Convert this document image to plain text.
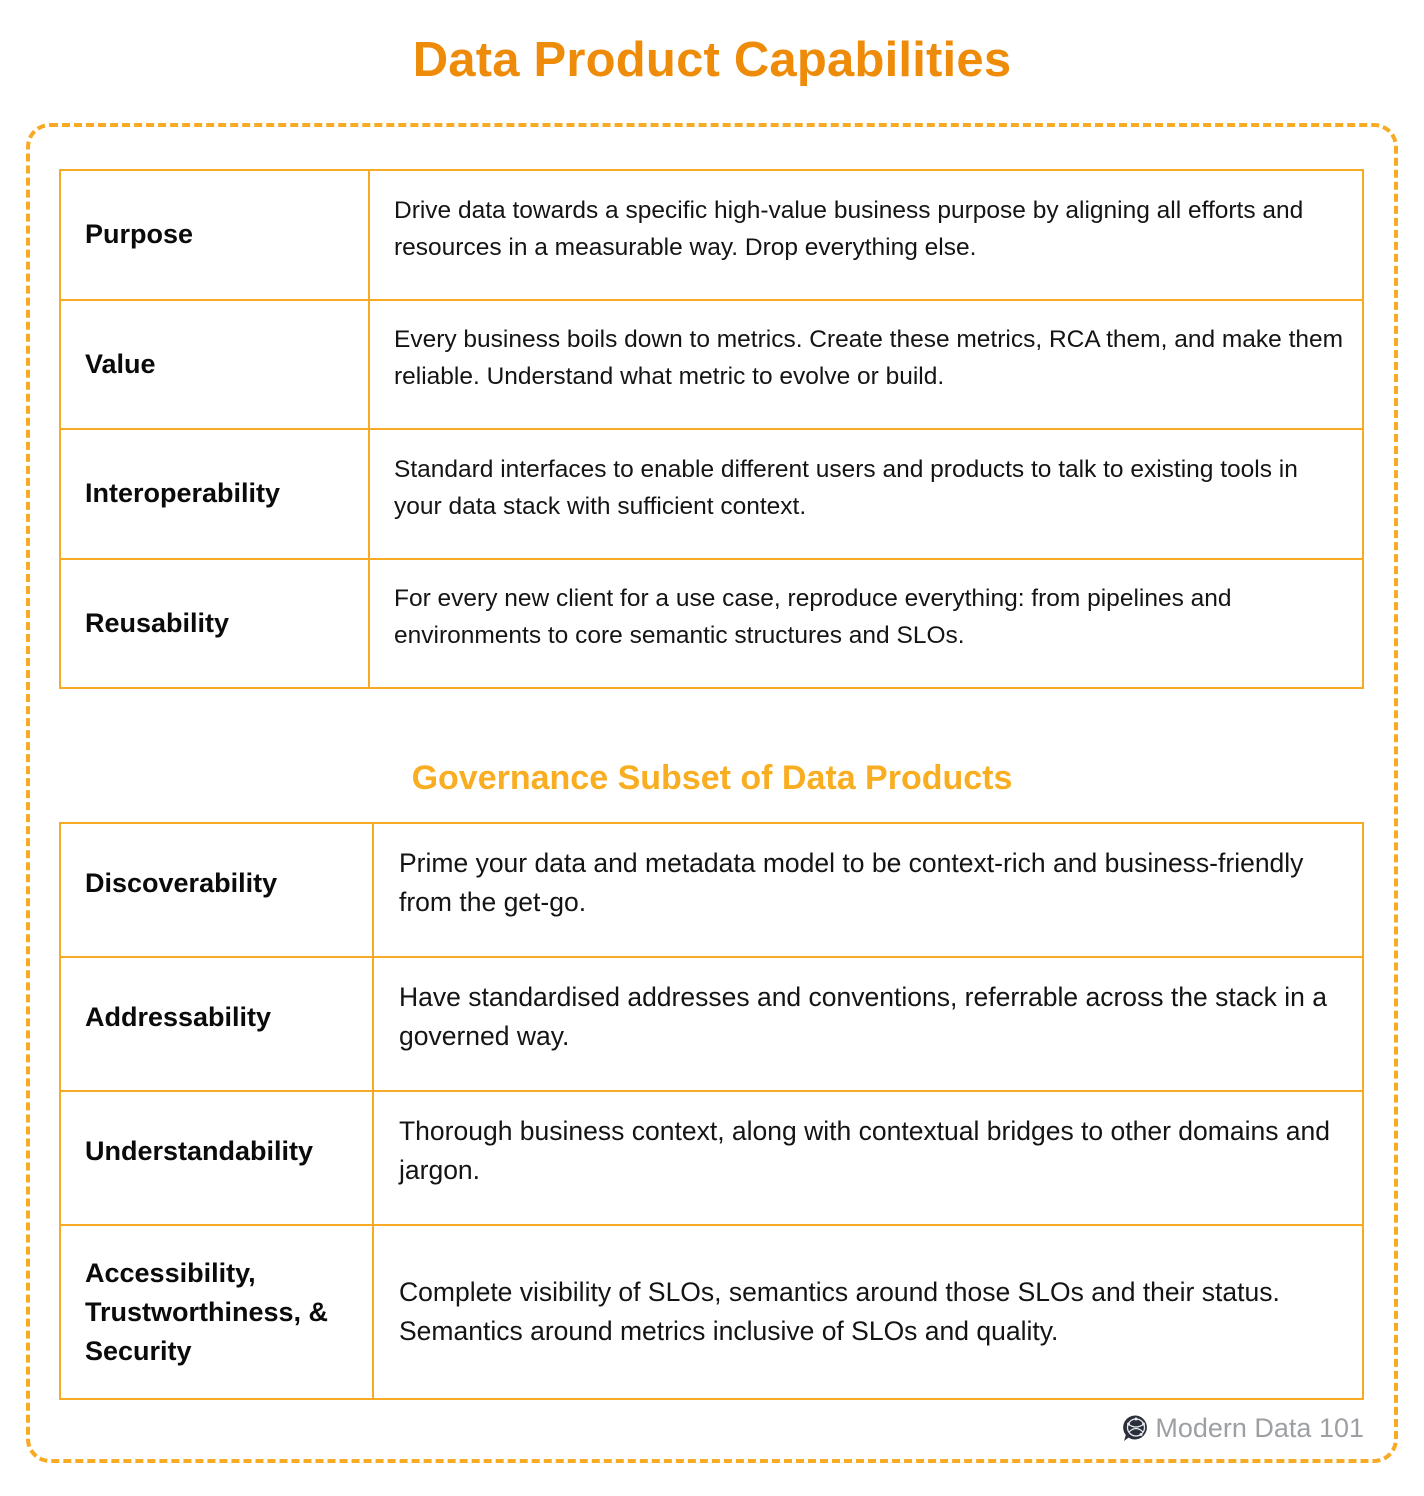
Data Product Capabilities
Purpose	Drive data towards a specific high-value business purpose by aligning all efforts and resources in a measurable way. Drop everything else.
Value	Every business boils down to metrics. Create these metrics, RCA them, and make them reliable. Understand what metric to evolve or build.
Interoperability	Standard interfaces to enable different users and products to talk to existing tools in your data stack with sufficient context.
Reusability	For every new client for a use case, reproduce everything: from pipelines and environments to core semantic structures and SLOs.
Governance Subset of Data Products
Discoverability	Prime your data and metadata model to be context-rich and business-friendly from the get-go.
Addressability	Have standardised addresses and conventions, referrable across the stack in a governed way.
Understandability	Thorough business context, along with contextual bridges to other domains and jargon.
Accessibility, Trustworthiness, & Security	Complete visibility of SLOs, semantics around those SLOs and their status. Semantics around metrics inclusive of SLOs and quality.
Modern Data 101
